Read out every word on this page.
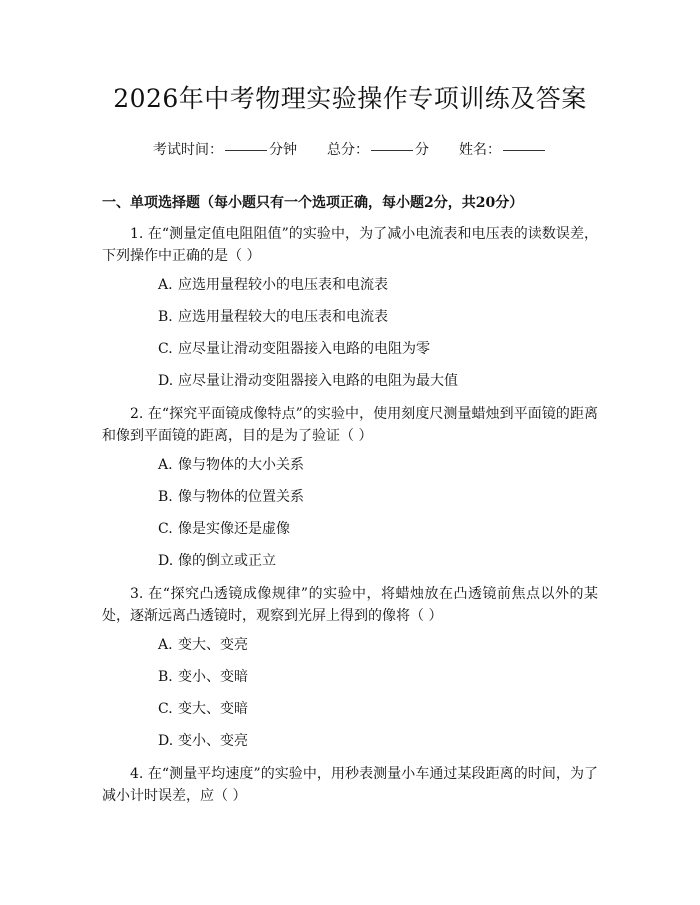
2026年中考物理实验操作专项训练及答案
考试时间：	分钟 总分：	分 姓名：
一、单项选择题（每小题只有一个选项正确，每小题2分，共20分）

1. 在“测量定值电阻阻值”的实验中，为了减小电流表和电压表的读数误差，下列操作中正确的是（ ）

A. 应选用量程较小的电压表和电流表
B. 应选用量程较大的电压表和电流表
C. 应尽量让滑动变阻器接入电路的电阻为零
D. 应尽量让滑动变阻器接入电路的电阻为最大值

2. 在“探究平面镜成像特点”的实验中，使用刻度尺测量蜡烛到平面镜的距离和像到平面镜的距离，目的是为了验证（ ）

A. 像与物体的大小关系
B. 像与物体的位置关系
C. 像是实像还是虚像
D. 像的倒立或正立

3. 在“探究凸透镜成像规律”的实验中，将蜡烛放在凸透镜前焦点以外的某处，逐渐远离凸透镜时，观察到光屏上得到的像将（ ）

A. 变大、变亮
B. 变小、变暗
C. 变大、变暗
D. 变小、变亮

4. 在“测量平均速度”的实验中，用秒表测量小车通过某段距离的时间，为了减小计时误差，应（ ）
